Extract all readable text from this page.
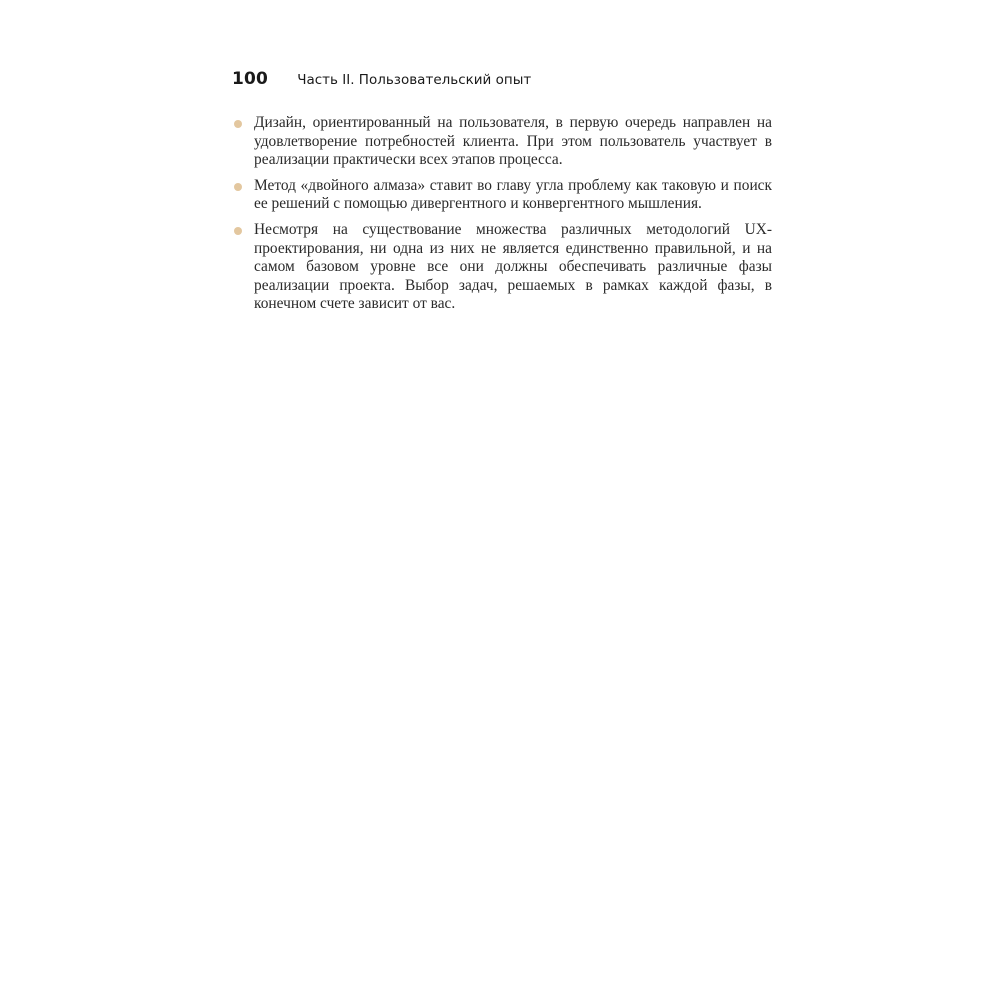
100 Часть II. Пользовательский опыт
Дизайн, ориентированный на пользователя, в первую очередь направлен на удовлетворение потребностей клиента. При этом пользователь участвует в реализации практически всех этапов процесса.
Метод «двойного алмаза» ставит во главу угла проблему как таковую и поиск ее решений с помощью дивергентного и конвергентного мышления.
Несмотря на существование множества различных методологий UX-проектирования, ни одна из них не является единственно правильной, и на самом базовом уровне все они должны обеспечивать различные фазы реализации проекта. Выбор задач, решаемых в рамках каждой фазы, в конечном счете зависит от вас.
